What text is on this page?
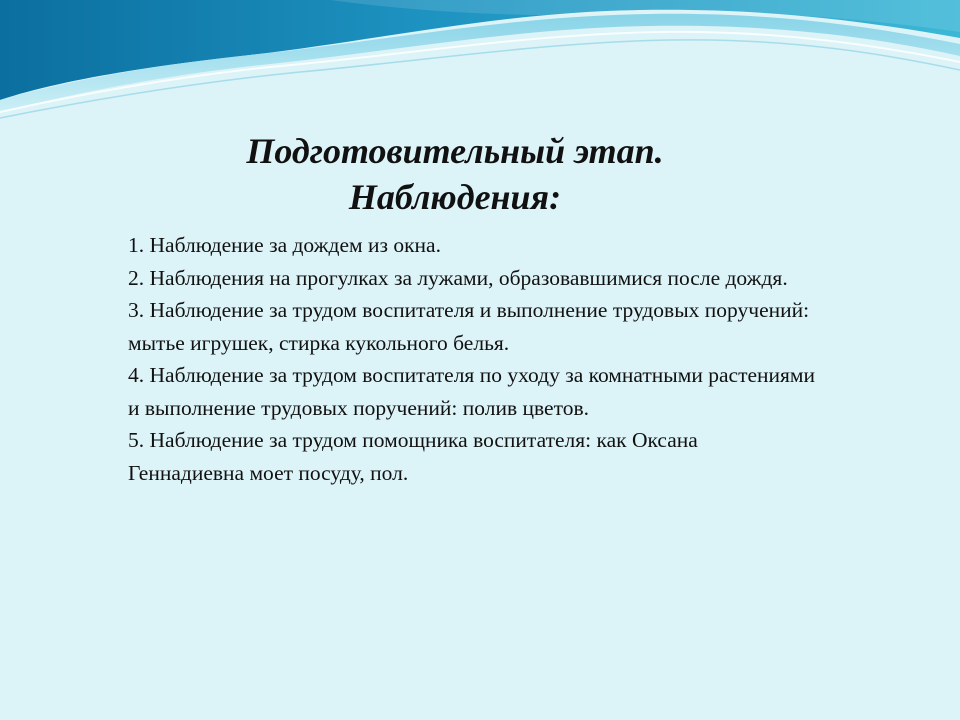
Подготовительный этап.
Наблюдения:

1. Наблюдение за дождем из окна.

2. Наблюдения на прогулках за лужами, образовавшимися после дождя.

3. Наблюдение за трудом воспитателя и выполнение трудовых поручений: мытье игрушек, стирка кукольного белья.

4. Наблюдение за трудом воспитателя по уходу за комнатными растениями и выполнение трудовых поручений: полив цветов.

5. Наблюдение за трудом помощника воспитателя: как Оксана Геннадиевна моет посуду, пол.
